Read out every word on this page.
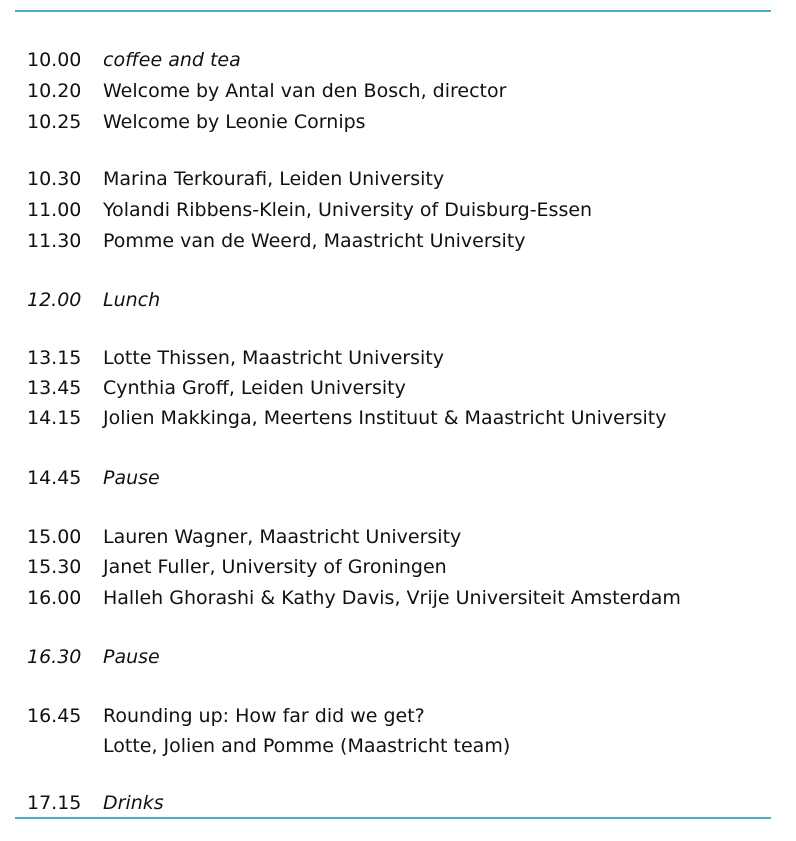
10.00 coffee and tea
10.20 Welcome by Antal van den Bosch, director
10.25 Welcome by Leonie Cornips
10.30 Marina Terkourafi, Leiden University
11.00 Yolandi Ribbens-Klein, University of Duisburg-Essen
11.30 Pomme van de Weerd, Maastricht University
12.00 Lunch
13.15 Lotte Thissen, Maastricht University
13.45 Cynthia Groff, Leiden University
14.15 Jolien Makkinga, Meertens Instituut & Maastricht University
14.45 Pause
15.00 Lauren Wagner, Maastricht University
15.30 Janet Fuller, University of Groningen
16.00 Halleh Ghorashi & Kathy Davis, Vrije Universiteit Amsterdam
16.30 Pause
16.45 Rounding up: How far did we get?
Lotte, Jolien and Pomme (Maastricht team)
17.15 Drinks
